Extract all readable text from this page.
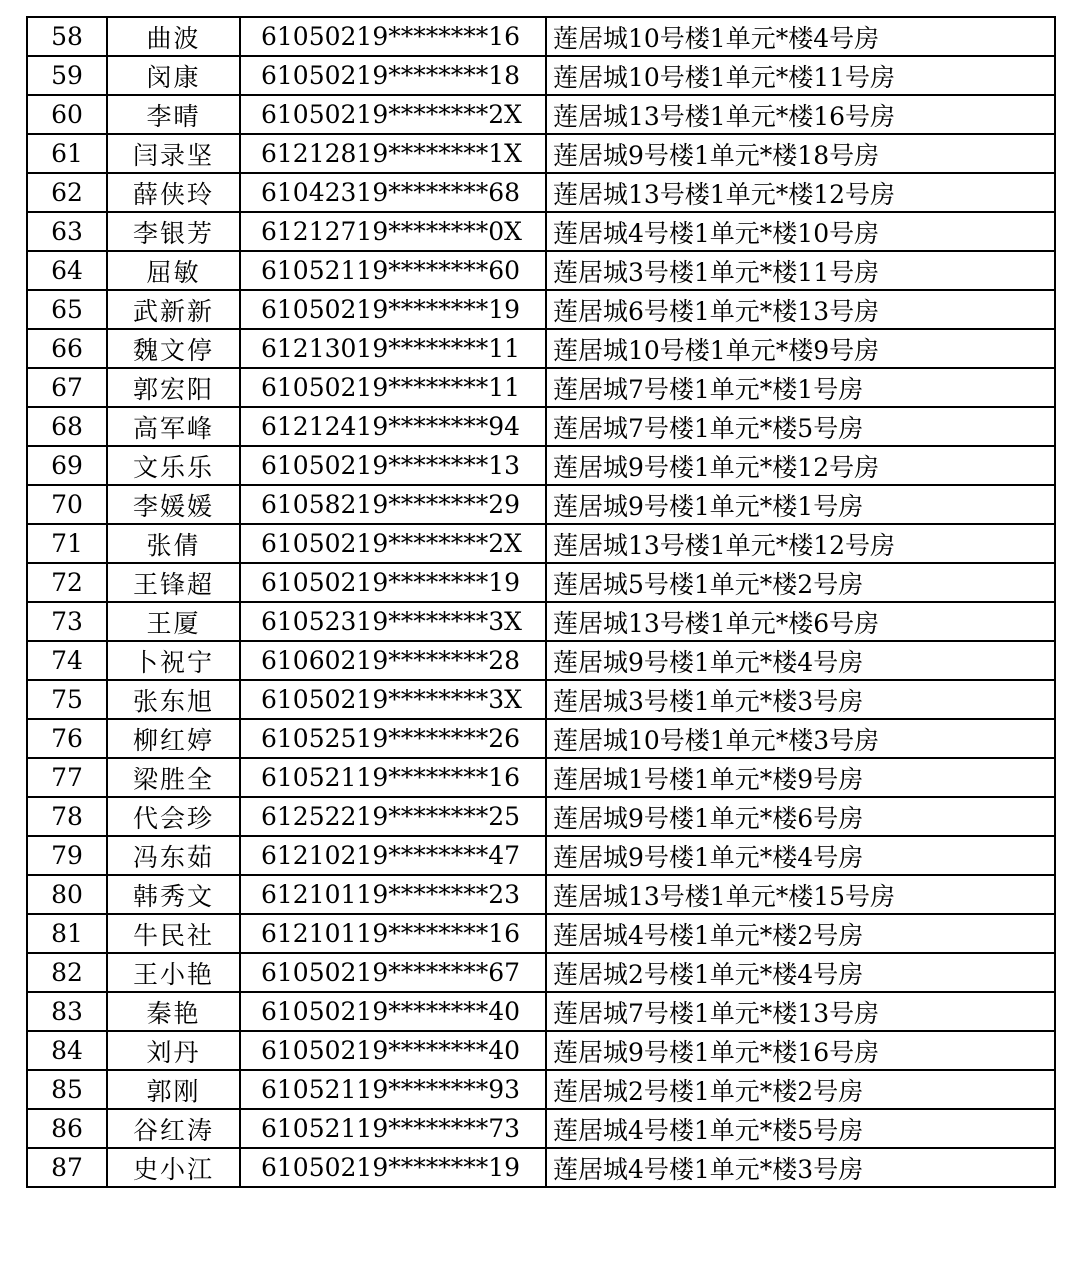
58	曲波	61050219********16	莲居城10号楼1单元*楼4号房
59	闵康	61050219********18	莲居城10号楼1单元*楼11号房
60	李晴	61050219********2X	莲居城13号楼1单元*楼16号房
61	闫录坚	61212819********1X	莲居城9号楼1单元*楼18号房
62	薛侠玲	61042319********68	莲居城13号楼1单元*楼12号房
63	李银芳	61212719********0X	莲居城4号楼1单元*楼10号房
64	屈敏	61052119********60	莲居城3号楼1单元*楼11号房
65	武新新	61050219********19	莲居城6号楼1单元*楼13号房
66	魏文停	61213019********11	莲居城10号楼1单元*楼9号房
67	郭宏阳	61050219********11	莲居城7号楼1单元*楼1号房
68	高军峰	61212419********94	莲居城7号楼1单元*楼5号房
69	文乐乐	61050219********13	莲居城9号楼1单元*楼12号房
70	李媛媛	61058219********29	莲居城9号楼1单元*楼1号房
71	张倩	61050219********2X	莲居城13号楼1单元*楼12号房
72	王锋超	61050219********19	莲居城5号楼1单元*楼2号房
73	王厦	61052319********3X	莲居城13号楼1单元*楼6号房
74	卜祝宁	61060219********28	莲居城9号楼1单元*楼4号房
75	张东旭	61050219********3X	莲居城3号楼1单元*楼3号房
76	柳红婷	61052519********26	莲居城10号楼1单元*楼3号房
77	梁胜全	61052119********16	莲居城1号楼1单元*楼9号房
78	代会珍	61252219********25	莲居城9号楼1单元*楼6号房
79	冯东茹	61210219********47	莲居城9号楼1单元*楼4号房
80	韩秀文	61210119********23	莲居城13号楼1单元*楼15号房
81	牛民社	61210119********16	莲居城4号楼1单元*楼2号房
82	王小艳	61050219********67	莲居城2号楼1单元*楼4号房
83	秦艳	61050219********40	莲居城7号楼1单元*楼13号房
84	刘丹	61050219********40	莲居城9号楼1单元*楼16号房
85	郭刚	61052119********93	莲居城2号楼1单元*楼2号房
86	谷红涛	61052119********73	莲居城4号楼1单元*楼5号房
87	史小江	61050219********19	莲居城4号楼1单元*楼3号房
